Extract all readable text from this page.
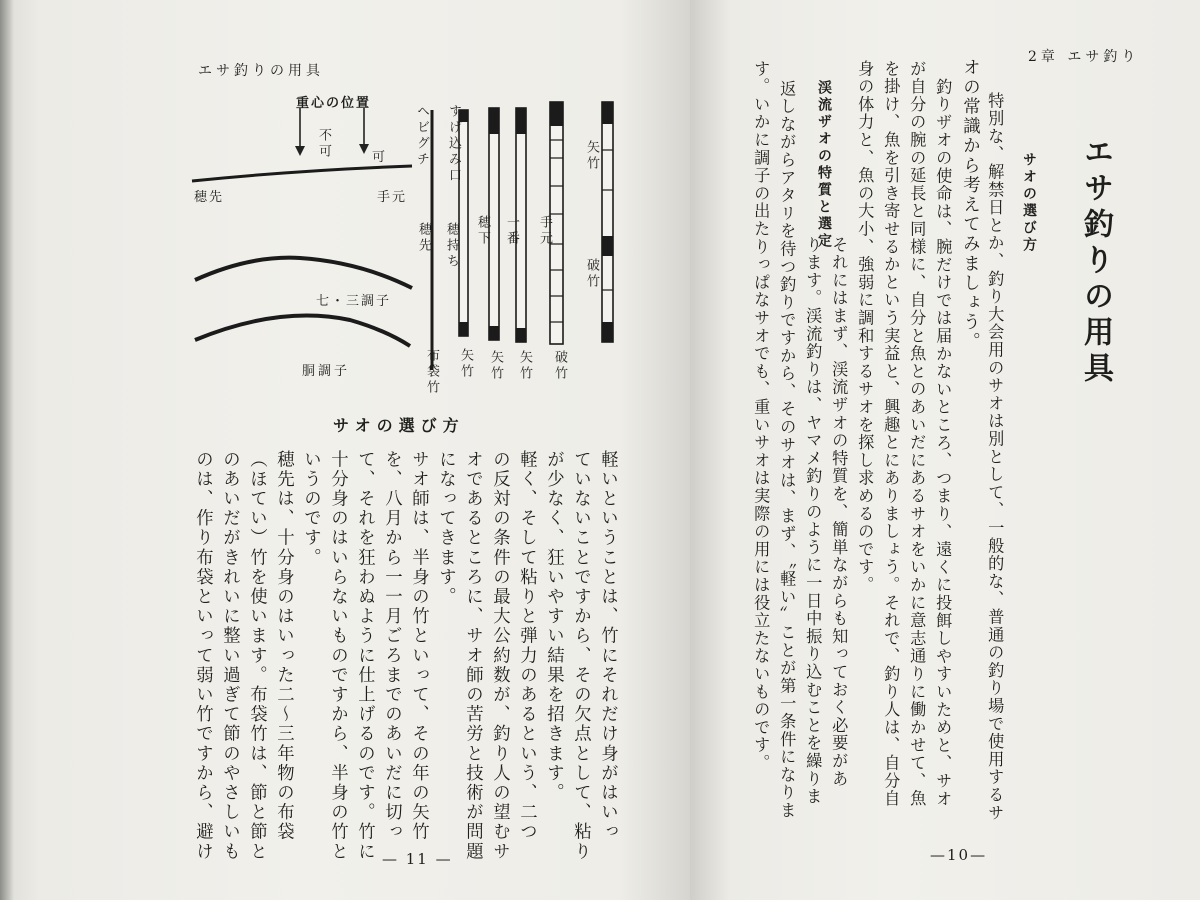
エサ釣りの用具
重心の位置
不可	可
穂先	手元
七・三調子
胴調子
ヘビグチ すげ込み口
穂先 穂持ち 穂下 一番 手元
布袋竹 矢竹 矢竹 矢竹 破竹
矢竹
破竹
サオの選び方
軽いということは、竹にそれだけ身がはいっ
ていないことですから、その欠点として、粘り
が少なく、狂いやすい結果を招きます。
軽く、そして粘りと弾力のあるという、二つ
の反対の条件の最大公約数が、釣り人の望むサ
オであるところに、サオ師の苦労と技術が問題
になってきます。
サオ師は、半身の竹といって、その年の矢竹
を、八月から一一月ごろまでのあいだに切っ
て、それを狂わぬように仕上げるのです。竹に
十分身のはいらないものですから、半身の竹と
いうのです。
穂先は、十分身のはいった二〜三年物の布袋
（ほてい）竹を使います。布袋竹は、節と節と
のあいだがきれいに整い過ぎて節のやさしいも
のは、作り布袋といって弱い竹ですから、避け	— 11 —
2章 エサ釣り
エサ釣りの用具
サオの選び方
渓流ザオの特質と選定	特別な、解禁日とか、釣り大会用のサオは別として、一般的な、普通の釣り場で使用するサ
オの常識から考えてみましょう。
釣りザオの使命は、腕だけでは届かないところ、つまり、遠くに投餌しやすいためと、サオ
が自分の腕の延長と同様に、自分と魚とのあいだにあるサオをいかに意志通りに働かせて、魚
を掛け、魚を引き寄せるかという実益と、興趣とにありましょう。それで、釣り人は、自分自
身の体力と、魚の大小、強弱に調和するサオを探し求めるのです。
それにはまず、渓流ザオの特質を、簡単ながらも知っておく必要があ
ります。渓流釣りは、ヤマメ釣りのように一日中振り込むことを繰りま
返しながらアタリを待つ釣りですから、そのサオは、まず、〝軽い〟ことが第一条件になりま
す。いかに調子の出たりっぱなサオでも、重いサオは実際の用には役立たないものです。
—10—
